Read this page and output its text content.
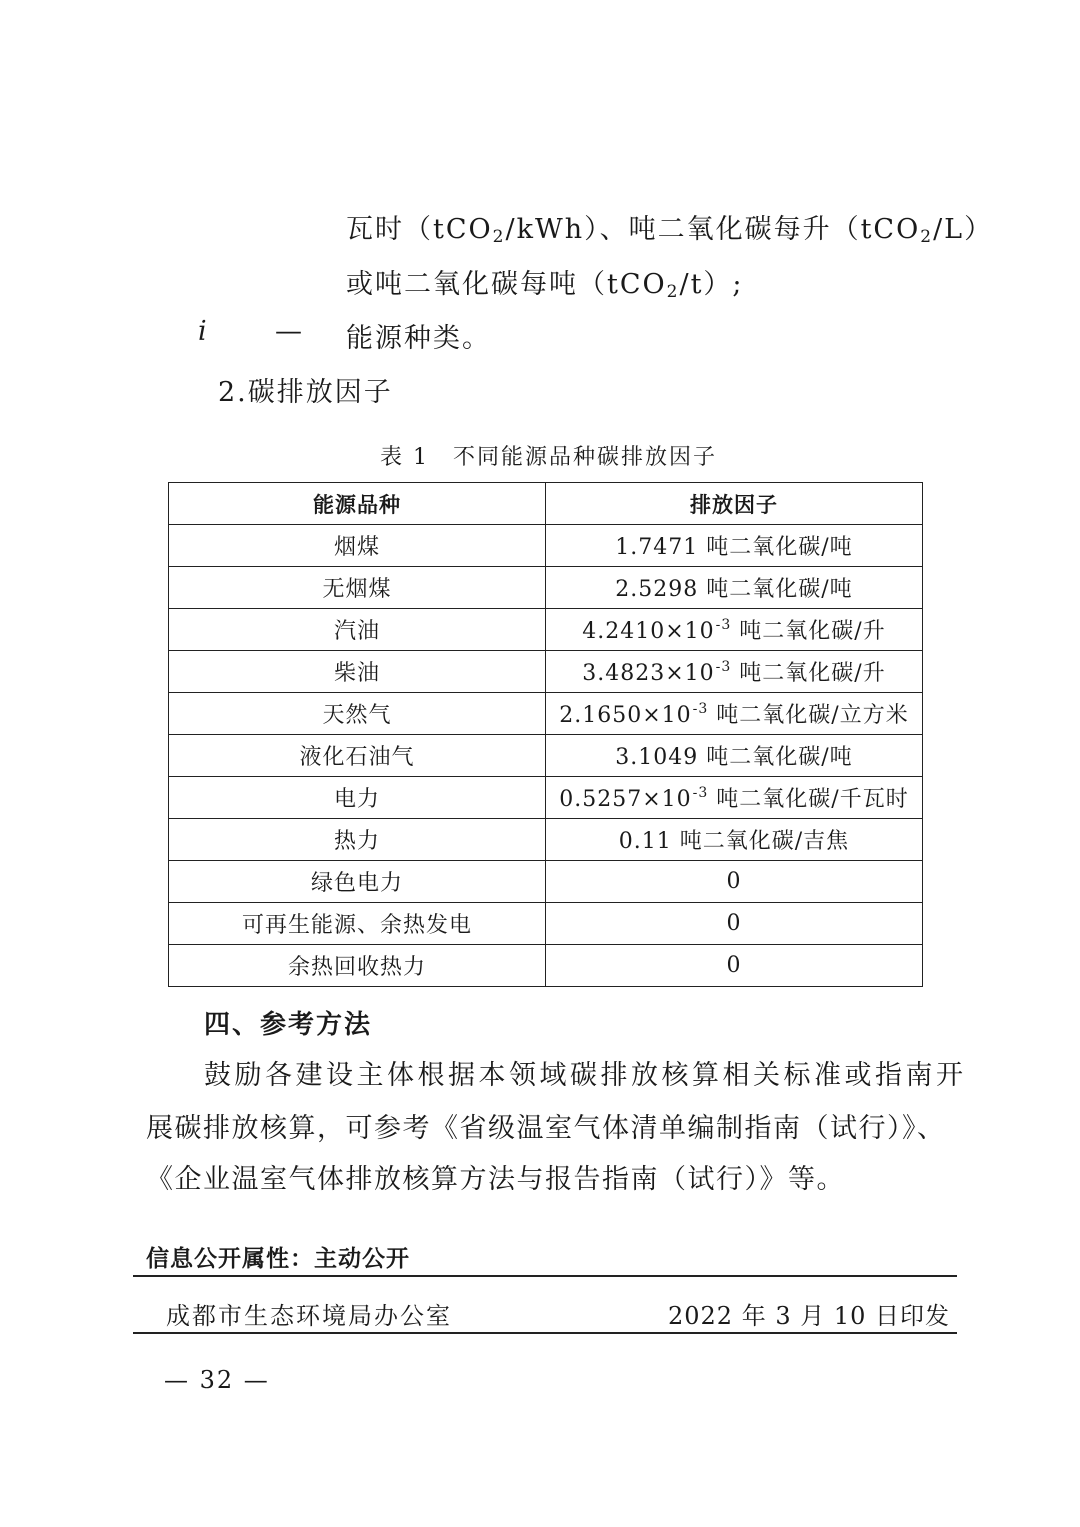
瓦时（tCO$_2$/kWh）、吨二氧化碳每升（tCO$_2$/L）
或吨二氧化碳每吨（tCO$_2$/t）;
i — 能源种类。
2.碳排放因子
表 1　不同能源品种碳排放因子
能源品种	排放因子
烟煤	1.7471 吨二氧化碳/吨
无烟煤	2.5298 吨二氧化碳/吨
汽油	$4.2410\times 10^{-3}$ 吨二氧化碳/升
柴油	$3.4823\times 10^{-3}$ 吨二氧化碳/升
天然气	$2.1650\times 10^{-3}$ 吨二氧化碳/立方米
液化石油气	3.1049 吨二氧化碳/吨
电力	$0.5257\times 10^{-3}$ 吨二氧化碳/千瓦时
热力	0.11 吨二氧化碳/吉焦
绿色电力	0
可再生能源、余热发电	0
余热回收热力	0
四、参考方法
鼓励各建设主体根据本领域碳排放核算相关标准或指南开
展碳排放核算，可参考《省级温室气体清单编制指南（试行）》、
《企业温室气体排放核算方法与报告指南（试行）》等。
信息公开属性：主动公开
成都市生态环境局办公室	2022 年 3 月 10 日印发
— 32 —
